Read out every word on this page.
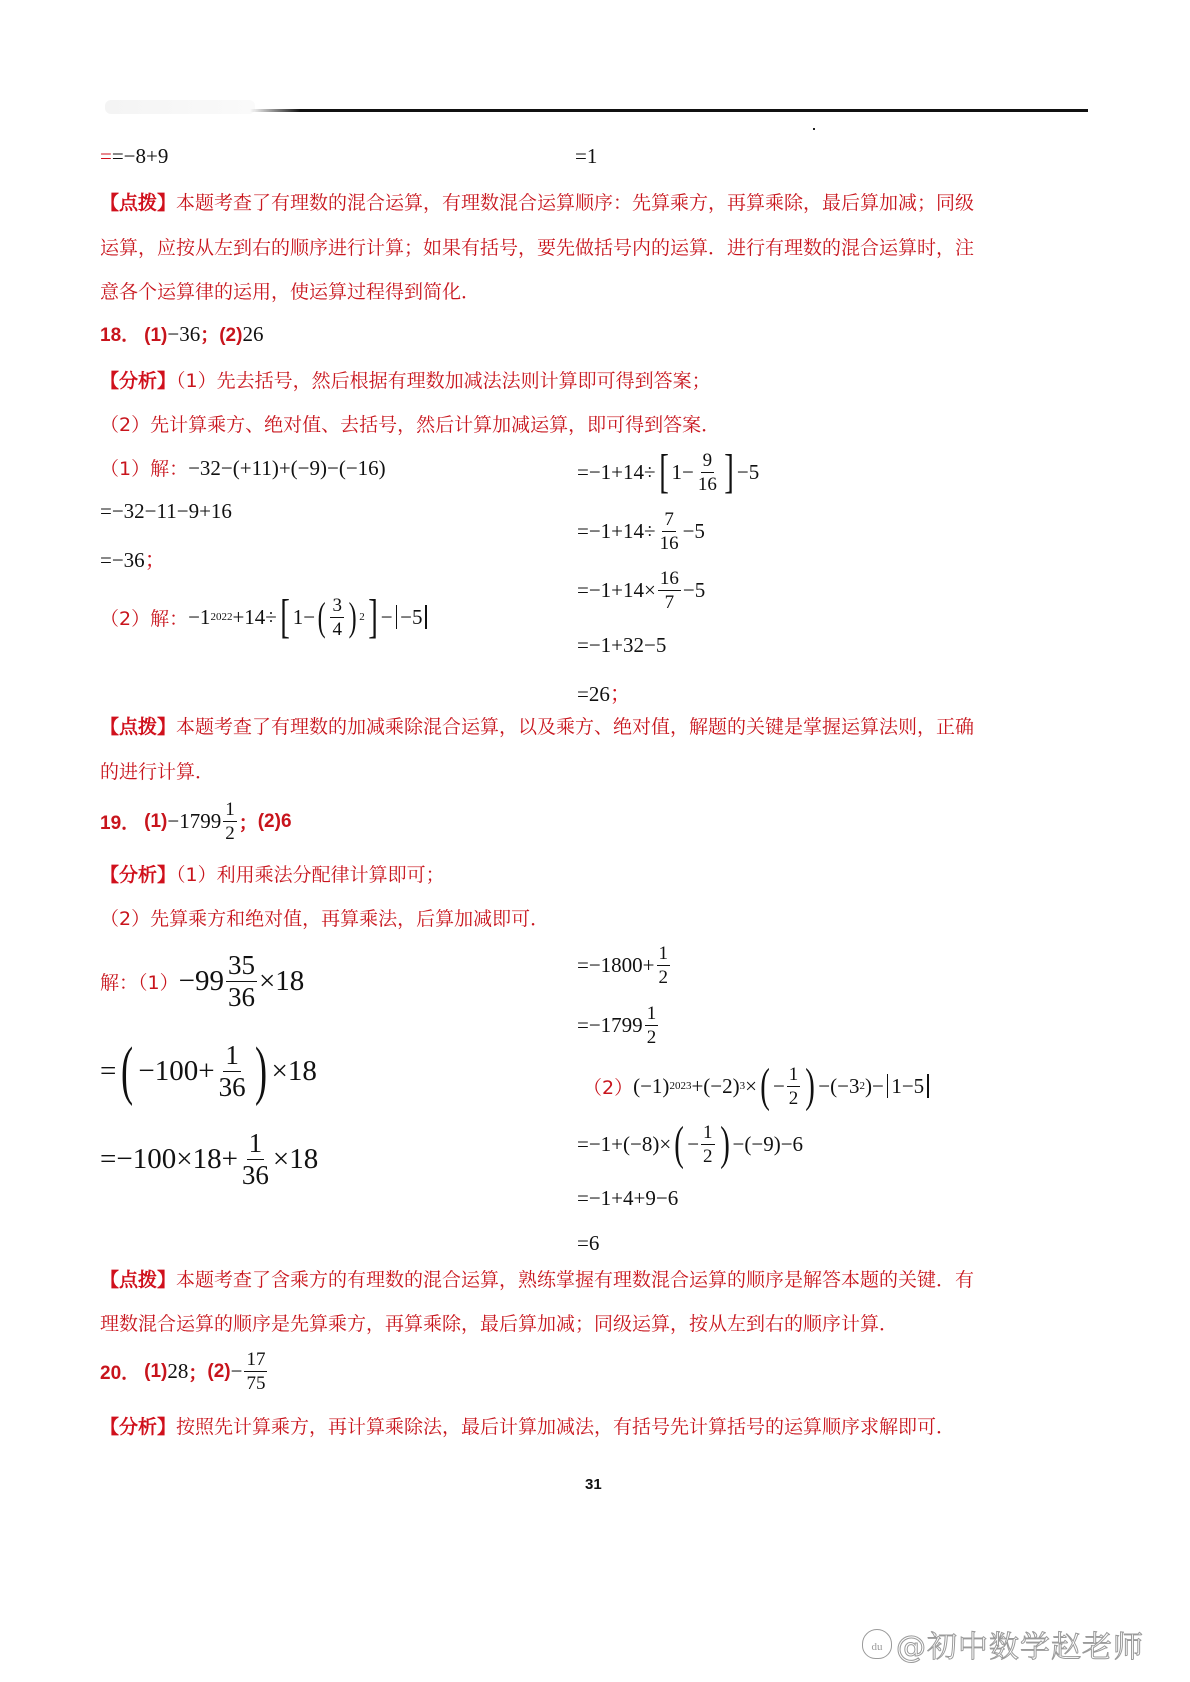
==−8+9	=1
【点拨】本题考查了有理数的混合运算，有理数混合运算顺序：先算乘方，再算乘除，最后算加减；同级
运算，应按从左到右的顺序进行计算；如果有括号，要先做括号内的运算．进行有理数的混合运算时，注
意各个运算律的运用，使运算过程得到简化．
18． (1)−36；(2)26
【分析】（1）先去括号，然后根据有理数加减法法则计算即可得到答案；
（2）先计算乘方、绝对值、去括号，然后计算加减运算，即可得到答案．
（1）解：−32−(+11)+(−9)−(−16)
=−32−11−9+16
=−36；
（2）解： −1 2022 +14÷ [ 1− ( $\frac{3}{4}$ ) 2 ] − −5
=−1+14÷ [ $1- \frac{9}{16}$ ] −5
$=-1+14\div \frac{7}{16} -5$
$=-1+14\times \frac{16}{7} -5$
=−1+32−5
=26；
【点拨】本题考查了有理数的加减乘除混合运算，以及乘方、绝对值，解题的关键是掌握运算法则，正确
的进行计算．
19．
$(1) -1799 \frac{1}{2}$ ； (2)6
【分析】（1）利用乘法分配律计算即可；
（2）先算乘方和绝对值，再算乘法，后算加减即可．
解：$(1) -99 \frac{35}{36} \times 18$
= ( $-100+ \frac{1}{36}$ ) ×18
$=-100\times 18+ \frac{1}{36} \times 18$
$=-1800+ \frac{1}{2}$
$=-1799 \frac{1}{2}$
（2） (−1) 2023 +(−2) 3 × ( − $\frac{1}{2}$ ) −(−3 2 )− 1−5
=−1+(−8)× ( − $\frac{1}{2}$ ) −(−9)−6
=−1+4+9−6
=6
【点拨】本题考查了含乘方的有理数的混合运算，熟练掌握有理数混合运算的顺序是解答本题的关键．有
理数混合运算的顺序是先算乘方，再算乘除，最后算加减；同级运算，按从左到右的顺序计算．
20．
(1) 28 ； $(2) - \frac{17}{75}$
【分析】按照先计算乘方，再计算乘除法，最后计算加减法，有括号先计算括号的运算顺序求解即可．
31
du @初中数学赵老师
